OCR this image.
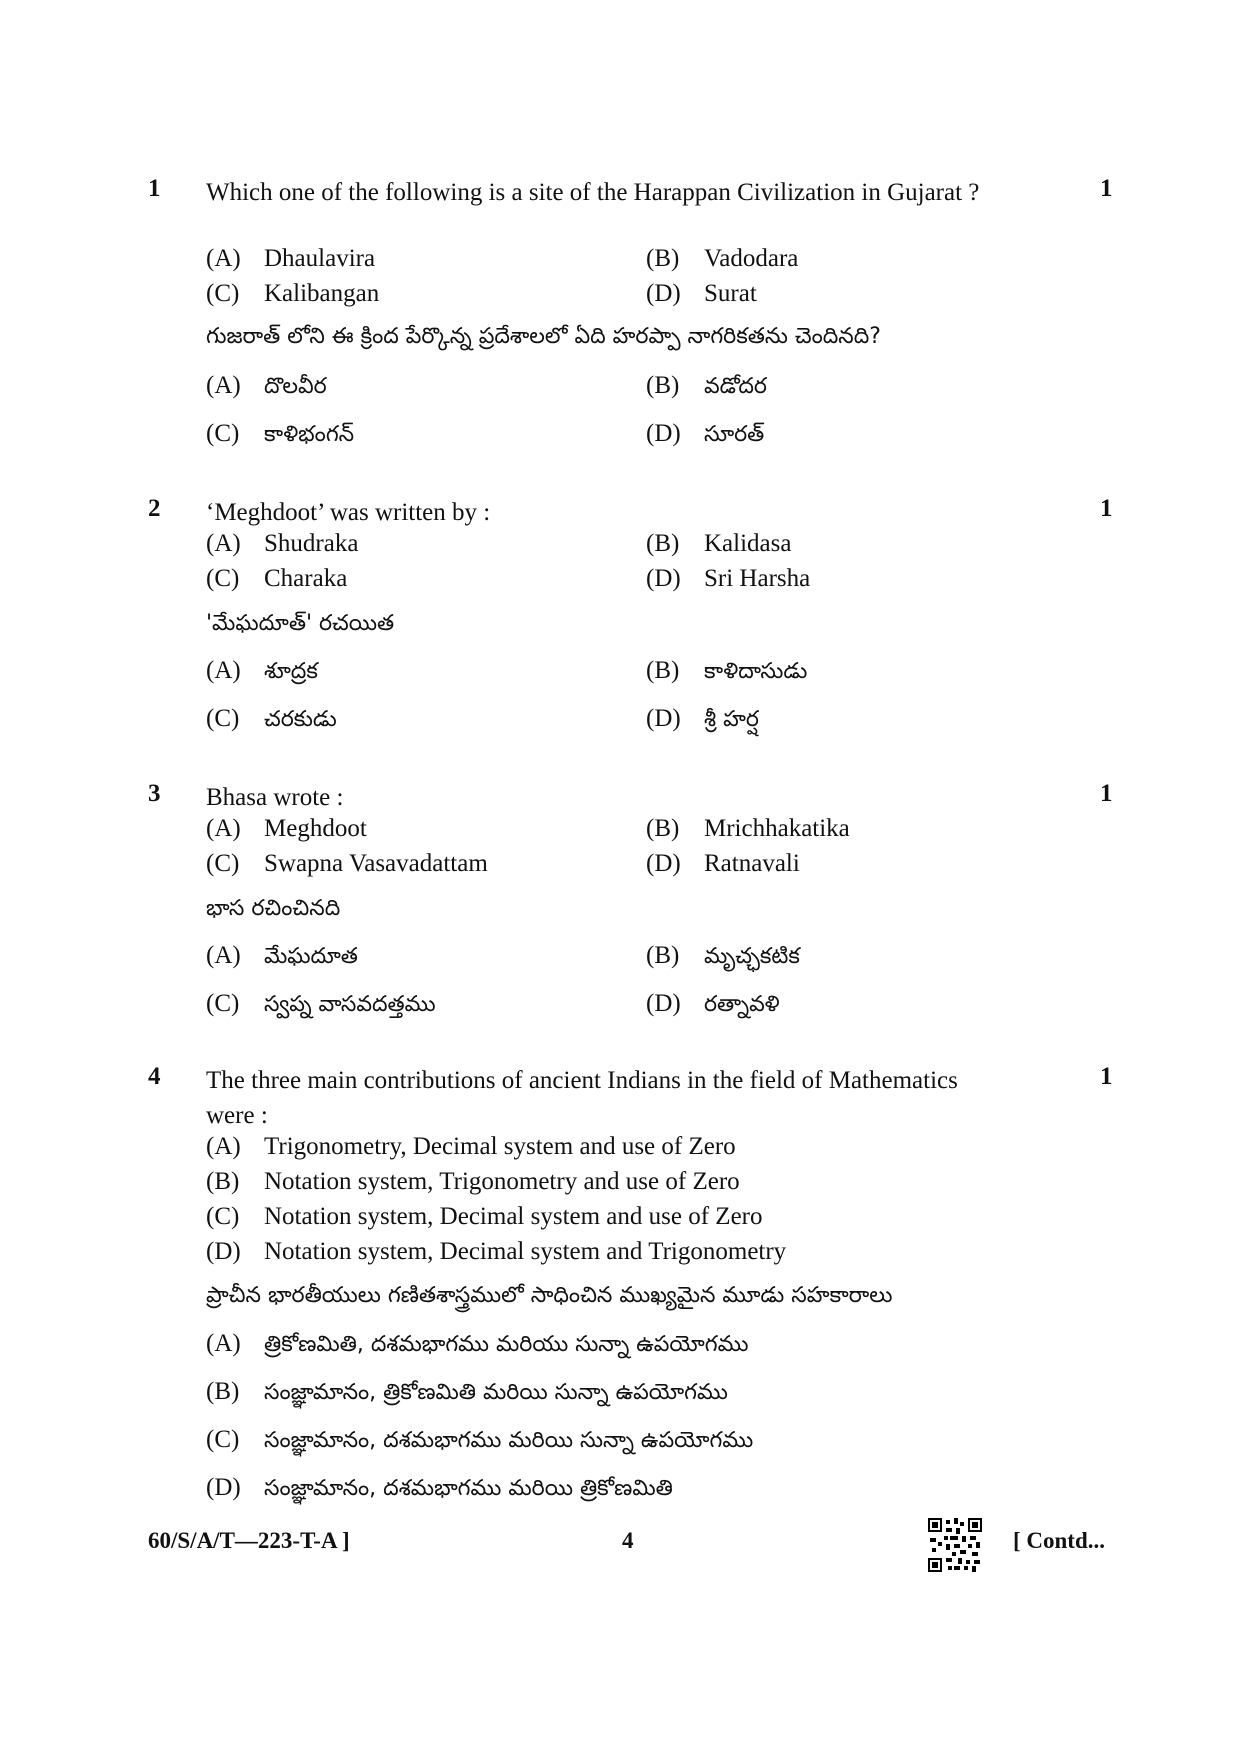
1 Which one of the following is a site of the Harappan Civilization in Gujarat ?	1
(A) Dhaulavira	(B) Vadodara
(C) Kalibangan	(D) Surat
గుజరాత్ లోని ఈ క్రింద పేర్కొన్న ప్రదేశాలలో ఏది హరప్పా నాగరికతను చెందినది?
(A) దొలవీర	(B) వడోదర
(C) కాళిభంగన్	(D) సూరత్
2 ‘Meghdoot’ was written by :	1
(A) Shudraka	(B) Kalidasa
(C) Charaka	(D) Sri Harsha
'మేఘదూత్' రచయిత
(A) శూద్రక	(B) కాళిదాసుడు
(C) చరకుడు	(D) శ్రీ హర్ష
3 Bhasa wrote :	1
(A) Meghdoot	(B) Mrichhakatika
(C) Swapna Vasavadattam	(D) Ratnavali
భాస రచించినది
(A) మేఘదూత	(B) మృచ్ఛకటిక
(C) స్వప్న వాసవదత్తము	(D) రత్నావళి
4 The three main contributions of ancient Indians in the field of Mathematics were :
1
(A) Trigonometry, Decimal system and use of Zero
(B) Notation system, Trigonometry and use of Zero
(C) Notation system, Decimal system and use of Zero
(D) Notation system, Decimal system and Trigonometry
ప్రాచీన భారతీయులు గణితశాస్త్రములో సాధించిన ముఖ్యమైన మూడు సహకారాలు
(A) త్రికోణమితి, దశమభాగము మరియు సున్నా ఉపయోగము
(B) సంజ్ఞామానం, త్రికోణమితి మరియి సున్నా ఉపయోగము
(C) సంజ్ఞామానం, దశమభాగము మరియి సున్నా ఉపయోగము
(D) సంజ్ఞామానం, దశమభాగము మరియి త్రికోణమితి
60/S/A/T—223-T-A ]	4	[ Contd...
